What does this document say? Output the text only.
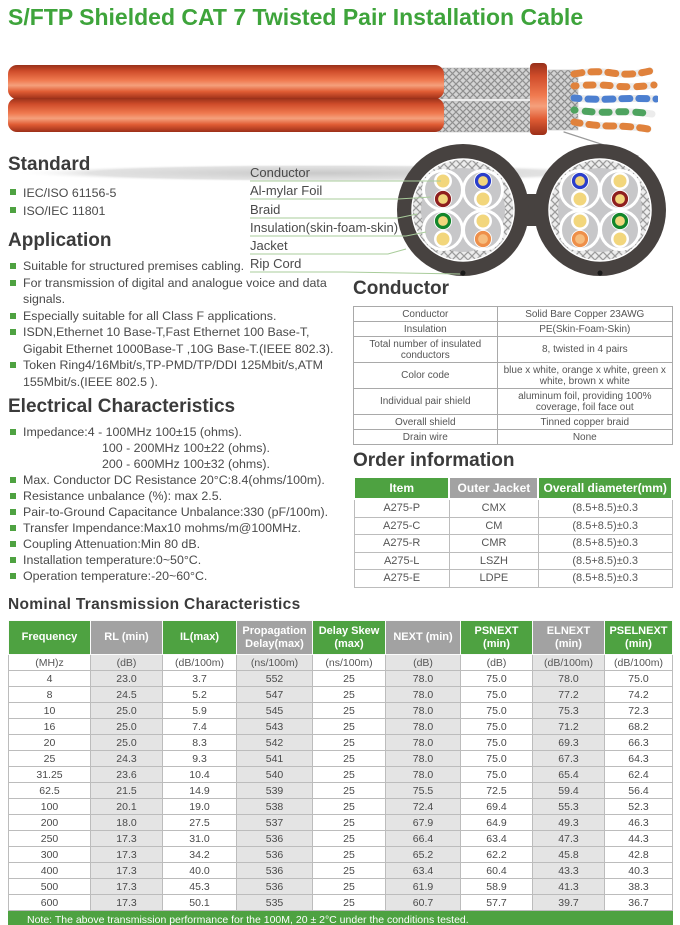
S/FTP Shielded CAT 7 Twisted Pair Installation Cable
Conductor
Al-mylar Foil
Braid
Insulation(skin-foam-skin)
Jacket
Rip Cord
Standard
IEC/ISO 61156-5
ISO/IEC 11801
Application
Suitable for structured premises cabling.
For transmission of digital and analogue voice and data signals.
Especially suitable for all Class F applications.
ISDN,Ethernet 10 Base-T,Fast Ethernet 100 Base-T, Gigabit Ethernet 1000Base-T ,10G Base-T.(IEEE 802.3).
Token Ring4/16Mbit/s,TP-PMD/TP/DDI 125Mbit/s,ATM 155Mbit/s.(IEEE 802.5 ).
Electrical Characteristics
Impedance:4 - 100MHz 100±15 (ohms).
100 - 200MHz 100±22 (ohms).
200 - 600MHz 100±32 (ohms).
Max. Conductor DC Resistance 20°C:8.4(ohms/100m).
Resistance unbalance (%): max 2.5.
Pair-to-Ground Capacitance Unbalance:330 (pF/100m).
Transfer Impendance:Max10 mohms/m@100MHz.
Coupling Attenuation:Min 80 dB.
Installation temperature:0~50°C.
Operation temperature:-20~60°C.
Conductor
Conductor	Solid Bare Copper 23AWG
Insulation	PE(Skin-Foam-Skin)
Total number of insulated conductors	8, twisted in 4 pairs
Color code	blue x white, orange x white, green x white, brown x white
Individual pair shield	aluminum foil, providing 100% coverage, foil face out
Overall shield	Tinned copper braid
Drain wire	None
Order information
Item	Outer Jacket	Overall diameter(mm)
A275-P	CMX	(8.5+8.5)±0.3
A275-C	CM	(8.5+8.5)±0.3
A275-R	CMR	(8.5+8.5)±0.3
A275-L	LSZH	(8.5+8.5)±0.3
A275-E	LDPE	(8.5+8.5)±0.3
Nominal Transmission Characteristics
Frequency	RL (min)	IL(max)	Propagation Delay(max)	Delay Skew (max)	NEXT (min)	PSNEXT (min)	ELNEXT (min)	PSELNEXT (min)
(MH)z	(dB)	(dB/100m)	(ns/100m)	(ns/100m)	(dB)	(dB)	(dB/100m)	(dB/100m)
4	23.0	3.7	552	25	78.0	75.0	78.0	75.0
8	24.5	5.2	547	25	78.0	75.0	77.2	74.2
10	25.0	5.9	545	25	78.0	75.0	75.3	72.3
16	25.0	7.4	543	25	78.0	75.0	71.2	68.2
20	25.0	8.3	542	25	78.0	75.0	69.3	66.3
25	24.3	9.3	541	25	78.0	75.0	67.3	64.3
31.25	23.6	10.4	540	25	78.0	75.0	65.4	62.4
62.5	21.5	14.9	539	25	75.5	72.5	59.4	56.4
100	20.1	19.0	538	25	72.4	69.4	55.3	52.3
200	18.0	27.5	537	25	67.9	64.9	49.3	46.3
250	17.3	31.0	536	25	66.4	63.4	47.3	44.3
300	17.3	34.2	536	25	65.2	62.2	45.8	42.8
400	17.3	40.0	536	25	63.4	60.4	43.3	40.3
500	17.3	45.3	536	25	61.9	58.9	41.3	38.3
600	17.3	50.1	535	25	60.7	57.7	39.7	36.7
Note: The above transmission performance for the 100M, 20 ± 2°C under the conditions tested.								
